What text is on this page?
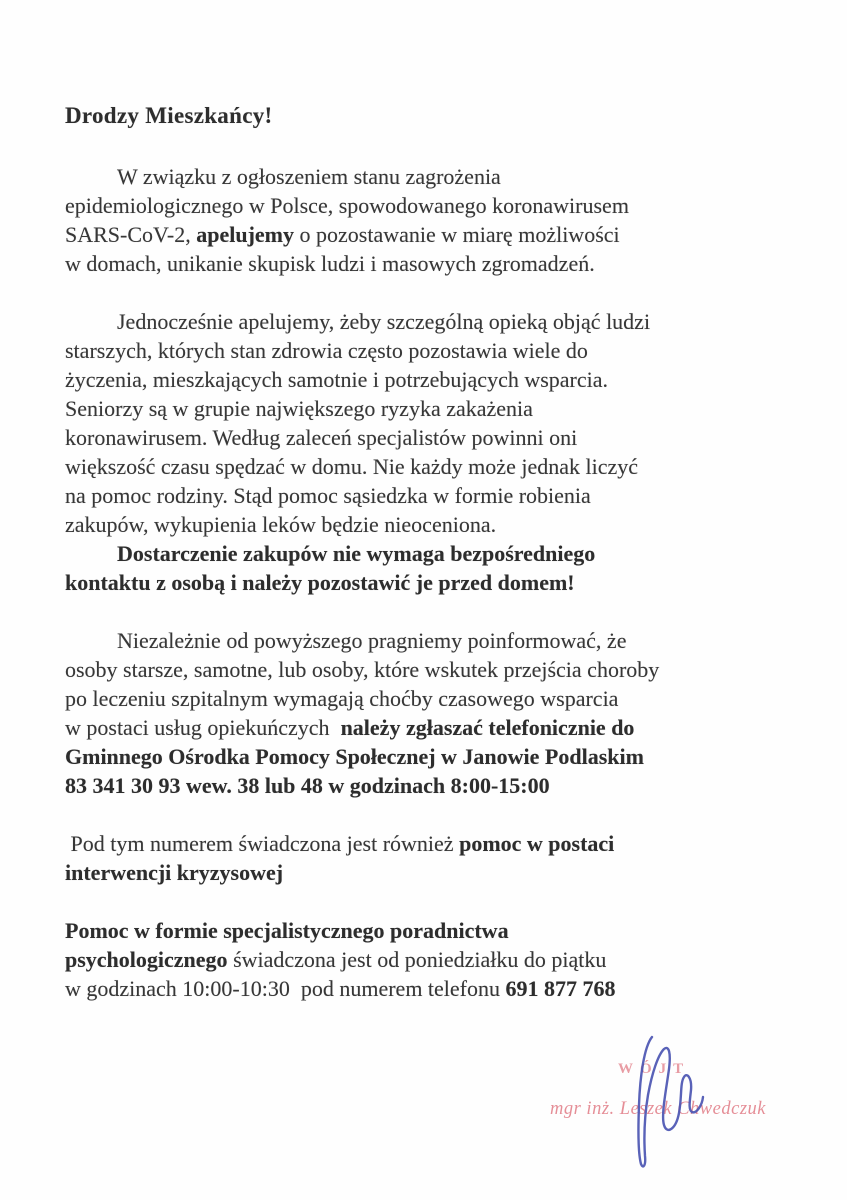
Drodzy Mieszkańcy!

W związku z ogłoszeniem stanu zagrożenia
epidemiologicznego w Polsce, spowodowanego koronawirusem
SARS-CoV-2, apelujemy o pozostawanie w miarę możliwości
w domach, unikanie skupisk ludzi i masowych zgromadzeń.

Jednocześnie apelujemy, żeby szczególną opieką objąć ludzi
starszych, których stan zdrowia często pozostawia wiele do
życzenia, mieszkających samotnie i potrzebujących wsparcia.
Seniorzy są w grupie największego ryzyka zakażenia
koronawirusem. Według zaleceń specjalistów powinni oni
większość czasu spędzać w domu. Nie każdy może jednak liczyć
na pomoc rodziny. Stąd pomoc sąsiedzka w formie robienia
zakupów, wykupienia leków będzie nieoceniona.
Dostarczenie zakupów nie wymaga bezpośredniego
kontaktu z osobą i należy pozostawić je przed domem!

Niezależnie od powyższego pragniemy poinformować, że
osoby starsze, samotne, lub osoby, które wskutek przejścia choroby
po leczeniu szpitalnym wymagają choćby czasowego wsparcia
w postaci usług opiekuńczych  należy zgłaszać telefonicznie do
Gminnego Ośrodka Pomocy Społecznej w Janowie Podlaskim
83 341 30 93 wew. 38 lub 48 w godzinach 8:00-15:00

Pod tym numerem świadczona jest również pomoc w postaci
interwencji kryzysowej

Pomoc w formie specjalistycznego poradnictwa
psychologicznego świadczona jest od poniedziałku do piątku
w godzinach 10:00-10:30  pod numerem telefonu 691 877 768

WÓJT
mgr inż. Leszek Chwedczuk
